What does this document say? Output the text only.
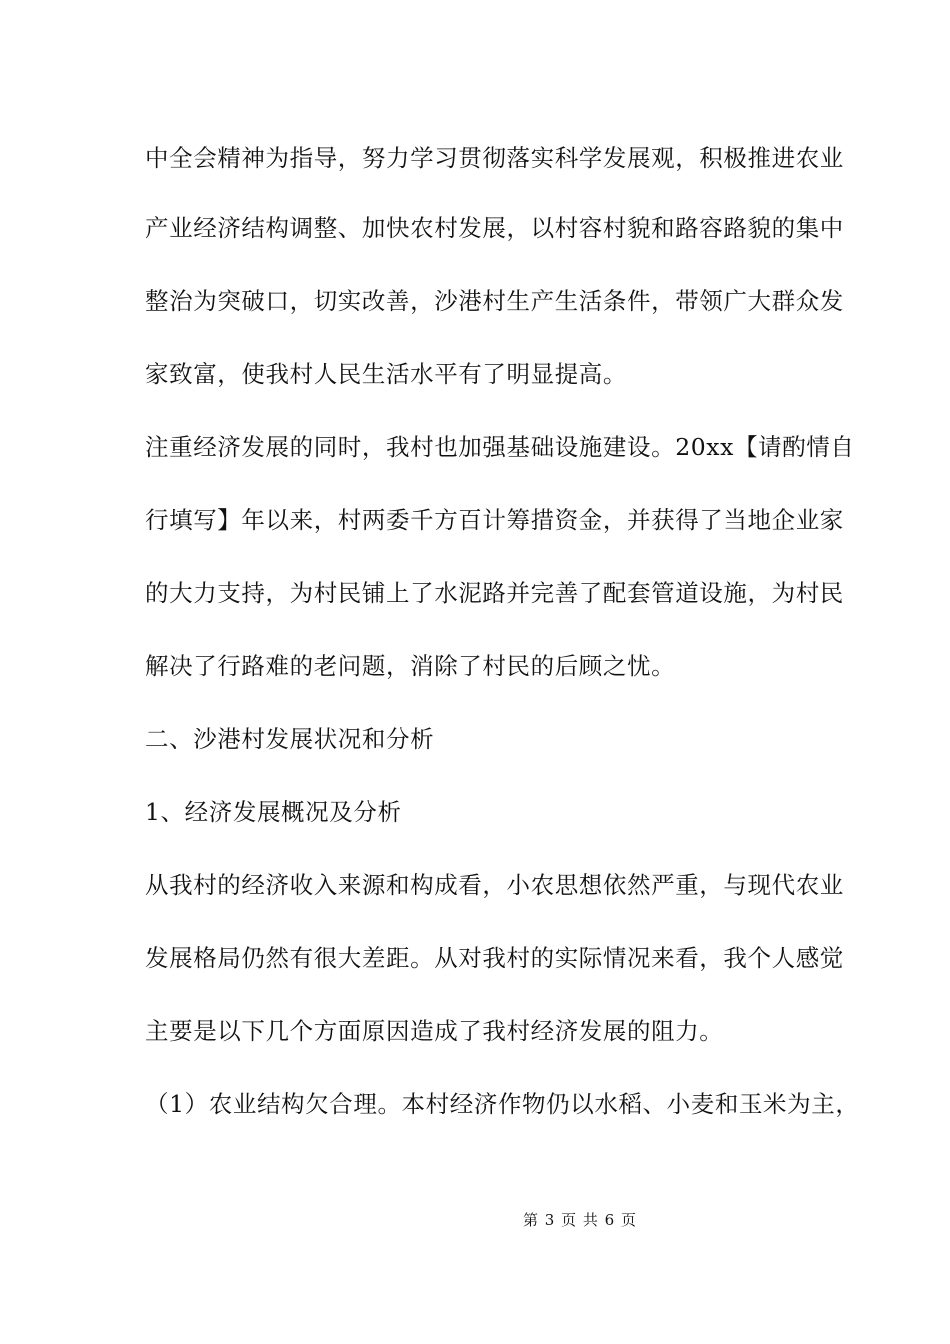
中全会精神为指导，努力学习贯彻落实科学发展观，积极推进农业
产业经济结构调整、加快农村发展，以村容村貌和路容路貌的集中
整治为突破口，切实改善，沙港村生产生活条件，带领广大群众发
家致富，使我村人民生活水平有了明显提高。
注重经济发展的同时，我村也加强基础设施建设。20xx【请酌情自
行填写】年以来，村两委千方百计筹措资金，并获得了当地企业家
的大力支持，为村民铺上了水泥路并完善了配套管道设施，为村民
解决了行路难的老问题，消除了村民的后顾之忧。
二、沙港村发展状况和分析
1、经济发展概况及分析
从我村的经济收入来源和构成看，小农思想依然严重，与现代农业
发展格局仍然有很大差距。从对我村的实际情况来看，我个人感觉
主要是以下几个方面原因造成了我村经济发展的阻力。
（1）农业结构欠合理。本村经济作物仍以水稻、小麦和玉米为主，
第 3 页 共 6 页
